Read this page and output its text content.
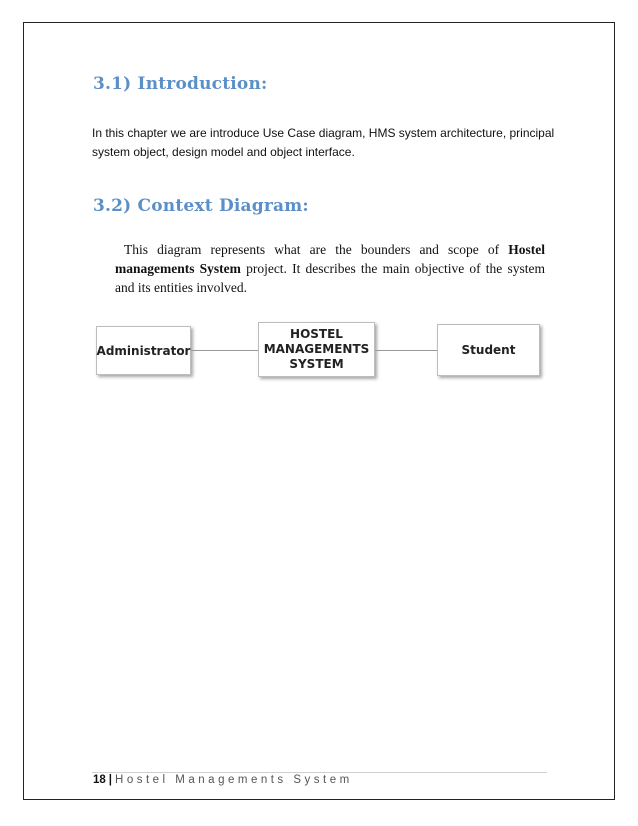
3.1) Introduction:
In this chapter we are introduce Use Case diagram, HMS system architecture, principal system object, design model and object interface.
3.2) Context Diagram:
This diagram represents what are the bounders and scope of Hostel managements System project. It describes the main objective of the system and its entities involved.
Administrator
HOSTEL
MANAGEMENTS
SYSTEM
Student
18 | Hostel Managements System
